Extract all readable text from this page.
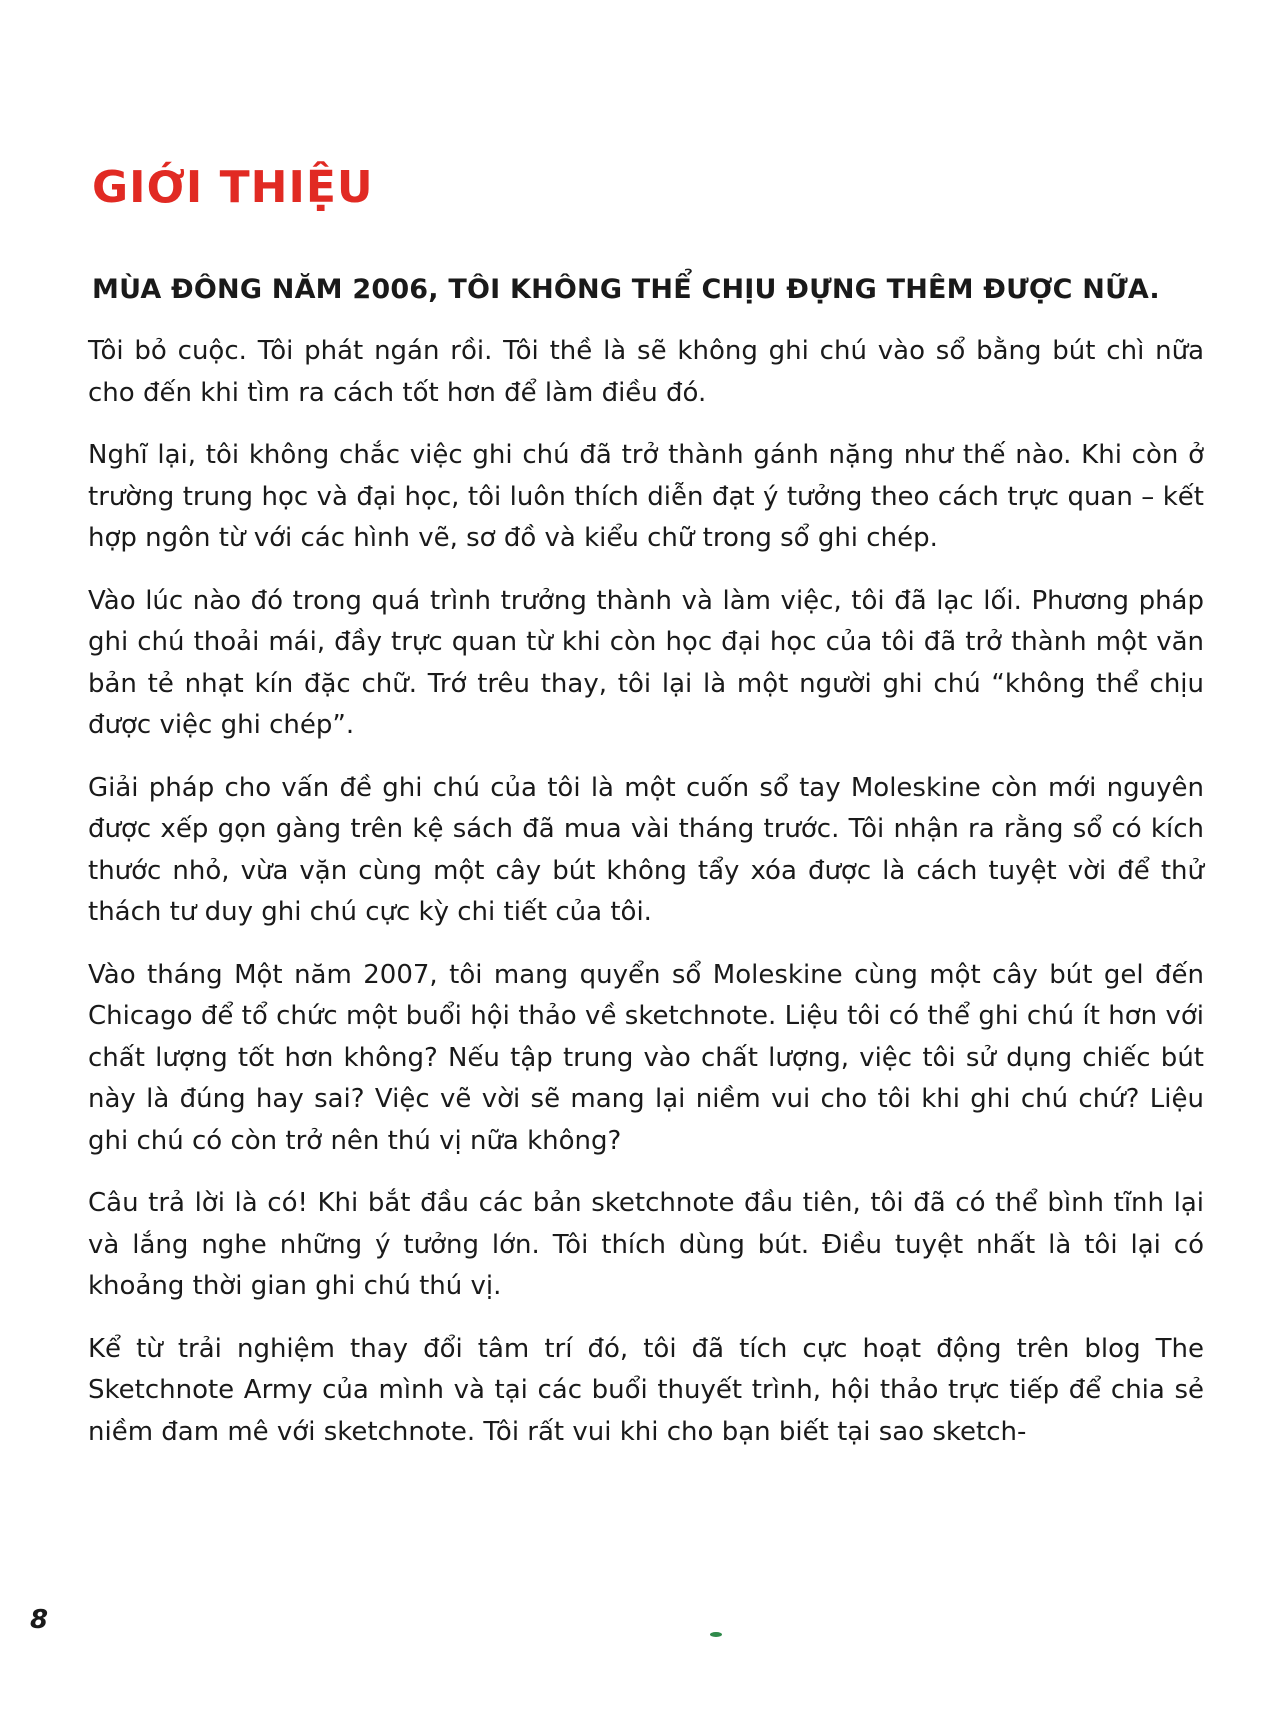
GIỚI THIỆU
MÙA ĐÔNG NĂM 2006, TÔI KHÔNG THỂ CHỊU ĐỰNG THÊM ĐƯỢC NỮA.

Tôi bỏ cuộc. Tôi phát ngán rồi. Tôi thề là sẽ không ghi chú vào sổ bằng bút chì nữa cho đến khi tìm ra cách tốt hơn để làm điều đó.

Nghĩ lại, tôi không chắc việc ghi chú đã trở thành gánh nặng như thế nào. Khi còn ở trường trung học và đại học, tôi luôn thích diễn đạt ý tưởng theo cách trực quan – kết hợp ngôn từ với các hình vẽ, sơ đồ và kiểu chữ trong sổ ghi chép.

Vào lúc nào đó trong quá trình trưởng thành và làm việc, tôi đã lạc lối. Phương pháp ghi chú thoải mái, đầy trực quan từ khi còn học đại học của tôi đã trở thành một văn bản tẻ nhạt kín đặc chữ. Trớ trêu thay, tôi lại là một người ghi chú “không thể chịu được việc ghi chép”.

Giải pháp cho vấn đề ghi chú của tôi là một cuốn sổ tay Moleskine còn mới nguyên được xếp gọn gàng trên kệ sách đã mua vài tháng trước. Tôi nhận ra rằng sổ có kích thước nhỏ, vừa vặn cùng một cây bút không tẩy xóa được là cách tuyệt vời để thử thách tư duy ghi chú cực kỳ chi tiết của tôi.

Vào tháng Một năm 2007, tôi mang quyển sổ Moleskine cùng một cây bút gel đến Chicago để tổ chức một buổi hội thảo về sketchnote. Liệu tôi có thể ghi chú ít hơn với chất lượng tốt hơn không? Nếu tập trung vào chất lượng, việc tôi sử dụng chiếc bút này là đúng hay sai? Việc vẽ vời sẽ mang lại niềm vui cho tôi khi ghi chú chứ? Liệu ghi chú có còn trở nên thú vị nữa không?

Câu trả lời là có! Khi bắt đầu các bản sketchnote đầu tiên, tôi đã có thể bình tĩnh lại và lắng nghe những ý tưởng lớn. Tôi thích dùng bút. Điều tuyệt nhất là tôi lại có khoảng thời gian ghi chú thú vị.

Kể từ trải nghiệm thay đổi tâm trí đó, tôi đã tích cực hoạt động trên blog The Sketchnote Army của mình và tại các buổi thuyết trình, hội thảo trực tiếp để chia sẻ niềm đam mê với sketchnote. Tôi rất vui khi cho bạn biết tại sao sketch-

8
